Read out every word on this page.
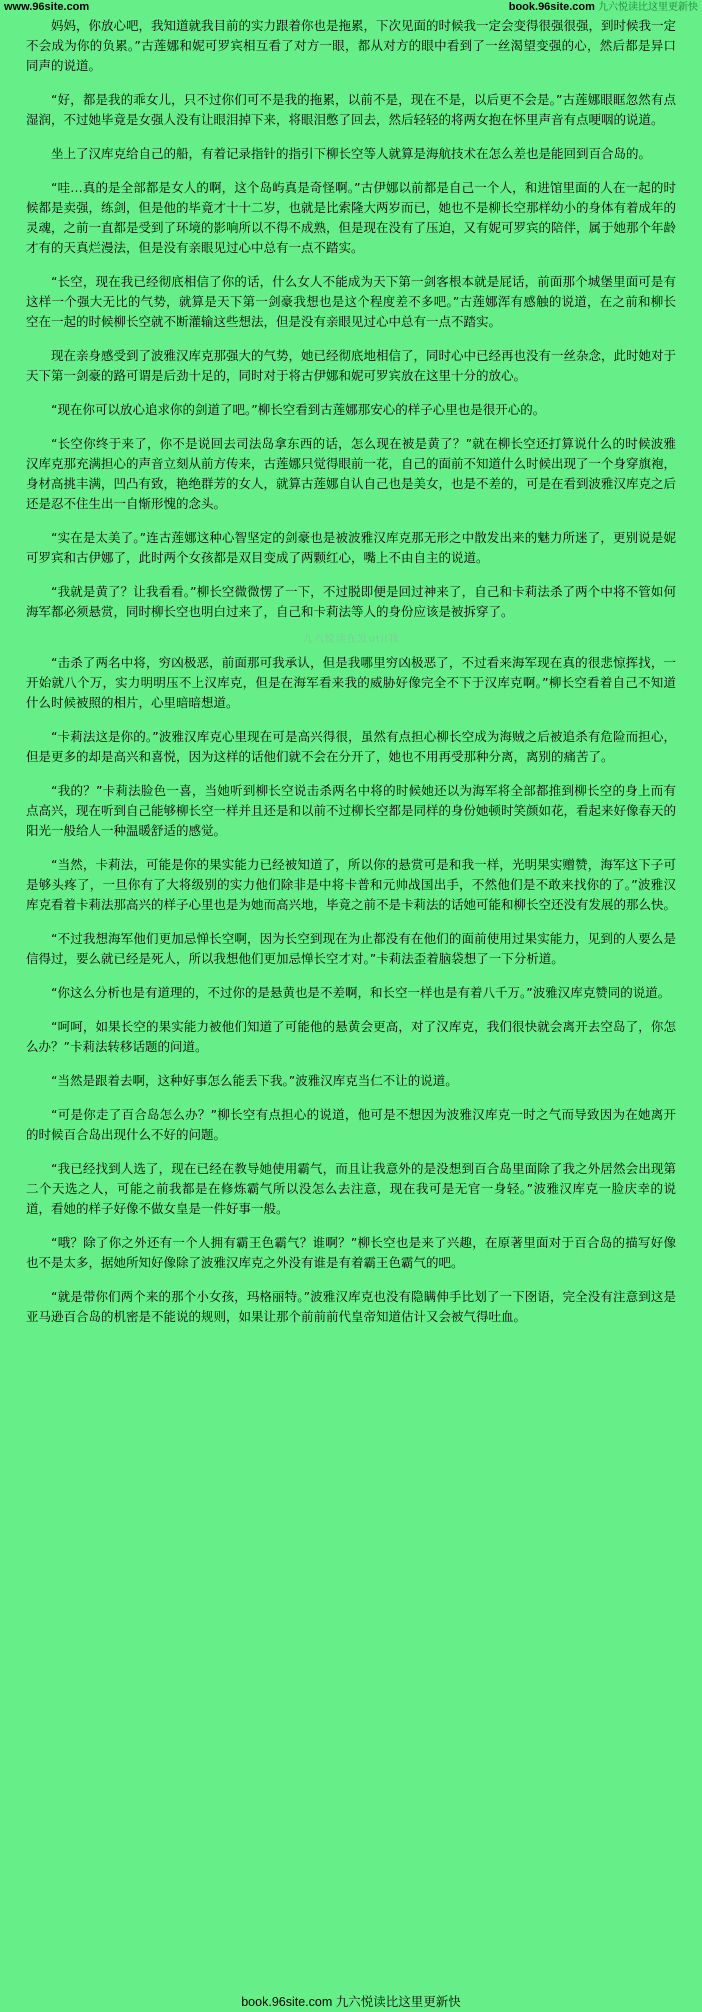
www.96site.com	book.96site.com 九六悦读比这里更新快

妈妈，你放心吧，我知道就我目前的实力跟着你也是拖累，下次见面的时候我一定会变得很强很强，到时候我一定不会成为你的负累。”古莲娜和妮可罗宾相互看了对方一眼，都从对方的眼中看到了一丝渴望变强的心，然后都是异口同声的说道。

“好，都是我的乖女儿，只不过你们可不是我的拖累，以前不是，现在不是，以后更不会是。”古莲娜眼眶忽然有点湿润，不过她毕竟是女强人没有让眼泪掉下来，将眼泪憋了回去，然后轻轻的将两女抱在怀里声音有点哽咽的说道。

坐上了汉库克给自己的船，有着记录指针的指引下柳长空等人就算是海航技术在怎么差也是能回到百合岛的。

“哇…真的是全部都是女人的啊，这个岛屿真是奇怪啊。”古伊娜以前都是自己一个人，和进馆里面的人在一起的时候都是卖强，练剑，但是他的毕竟才十十二岁，也就是比索隆大两岁而已，她也不是柳长空那样幼小的身体有着成年的灵魂，之前一直都是受到了环境的影响所以不得不成熟，但是现在没有了压迫，又有妮可罗宾的陪伴，属于她那个年龄才有的天真烂漫法，但是没有亲眼见过心中总有一点不踏实。

“长空，现在我已经彻底相信了你的话，什么女人不能成为天下第一剑客根本就是屁话，前面那个城堡里面可是有这样一个强大无比的气势，就算是天下第一剑豪我想也是这个程度差不多吧。”古莲娜浑有感触的说道，在之前和柳长空在一起的时候柳长空就不断灌输这些想法，但是没有亲眼见过心中总有一点不踏实。

现在亲身感受到了波雅汉库克那强大的气势，她已经彻底地相信了，同时心中已经再也没有一丝杂念，此时她对于天下第一剑豪的路可谓是后劲十足的，同时对于将古伊娜和妮可罗宾放在这里十分的放心。

“现在你可以放心追求你的剑道了吧。”柳长空看到古莲娜那安心的样子心里也是很开心的。

“长空你终于来了，你不是说回去司法岛拿东西的话，怎么现在被是黄了？”就在柳长空还打算说什么的时候波雅汉库克那充满担心的声音立刻从前方传来，古莲娜只觉得眼前一花，自己的面前不知道什么时候出现了一个身穿旗袍，身材高挑丰满，凹凸有致，艳绝群芳的女人，就算古莲娜自认自己也是美女，也是不差的，可是在看到波雅汉库克之后还是忍不住生出一自惭形愧的念头。

“实在是太美了。”连古莲娜这种心智坚定的剑豪也是被波雅汉库克那无形之中散发出来的魅力所迷了，更别说是妮可罗宾和古伊娜了，此时两个女孩都是双目变成了两颗红心，嘴上不由自主的说道。

“我就是黄了？让我看看。”柳长空微微愣了一下，不过脱即便是回过神来了，自己和卡莉法杀了两个中将不管如何海军都必须悬赏，同时柳长空也明白过来了，自己和卡莉法等人的身份应该是被拆穿了。

九六悦读在发util我

“击杀了两名中将，穷凶极恶，前面那可我承认，但是我哪里穷凶极恶了，不过看来海军现在真的很悲惊挥找，一开始就八个万，实力明明压不上汉库克，但是在海军看来我的威胁好像完全不下于汉库克啊。”柳长空看着自己不知道什么时候被照的相片，心里暗暗想道。

“卡莉法这是你的。”波雅汉库克心里现在可是高兴得很，虽然有点担心柳长空成为海贼之后被追杀有危险而担心，但是更多的却是高兴和喜悦，因为这样的话他们就不会在分开了，她也不用再受那种分离，离别的痛苦了。

“我的？”卡莉法脸色一喜，当她听到柳长空说击杀两名中将的时候她还以为海军将全部都推到柳长空的身上而有点高兴，现在听到自己能够柳长空一样并且还是和以前不过柳长空都是同样的身份她顿时笑颜如花，看起来好像春天的阳光一般给人一种温暖舒适的感觉。

“当然，卡莉法，可能是你的果实能力已经被知道了，所以你的悬赏可是和我一样，光明果实赠赞，海军这下子可是够头疼了，一旦你有了大将级别的实力他们除非是中将卡普和元帅战国出手，不然他们是不敢来找你的了。”波雅汉库克看着卡莉法那高兴的样子心里也是为她而高兴地，毕竟之前不是卡莉法的话她可能和柳长空还没有发展的那么快。

“不过我想海军他们更加忌惮长空啊，因为长空到现在为止都没有在他们的面前使用过果实能力，见到的人要么是信得过，要么就已经是死人，所以我想他们更加忌惮长空才对。”卡莉法歪着脑袋想了一下分析道。

“你这么分析也是有道理的，不过你的是悬黄也是不差啊，和长空一样也是有着八千万。”波雅汉库克赞同的说道。

“呵呵，如果长空的果实能力被他们知道了可能他的悬黄会更高，对了汉库克，我们很快就会离开去空岛了，你怎么办？”卡莉法转移话题的问道。

“当然是跟着去啊，这种好事怎么能丢下我。”波雅汉库克当仁不让的说道。

“可是你走了百合岛怎么办？”柳长空有点担心的说道，他可是不想因为波雅汉库克一时之气而导致因为在她离开的时候百合岛出现什么不好的问题。

“我已经找到人选了，现在已经在教导她使用霸气，而且让我意外的是没想到百合岛里面除了我之外居然会出现第二个天选之人，可能之前我都是在修炼霸气所以没怎么去注意，现在我可是无官一身轻。”波雅汉库克一脸庆幸的说道，看她的样子好像不做女皇是一件好事一般。

“哦？除了你之外还有一个人拥有霸王色霸气？谁啊？”柳长空也是来了兴趣，在原著里面对于百合岛的描写好像也不是太多，据她所知好像除了波雅汉库克之外没有谁是有着霸王色霸气的吧。

“就是带你们两个来的那个小女孩，玛格丽特。”波雅汉库克也没有隐瞒伸手比划了一下囹语，完全没有注意到这是亚马逊百合岛的机密是不能说的规则，如果让那个前前前代皇帝知道估计又会被气得吐血。

book.96site.com 九六悦读比这里更新快
